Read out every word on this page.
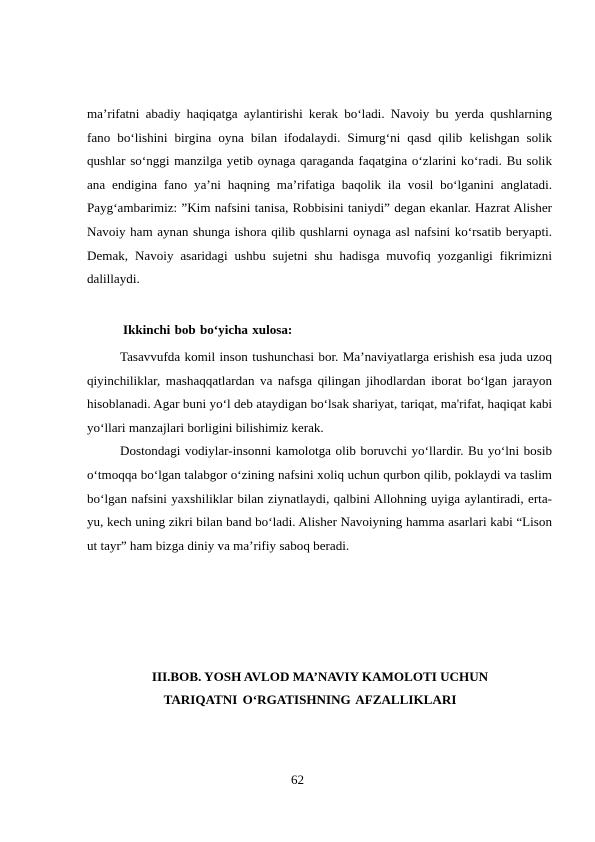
ma’rifatni abadiy haqiqatga aylantirishi kerak bo‘ladi. Navoiy bu yerda qushlarning fano bo‘lishini birgina oyna bilan ifodalaydi. Simurg‘ni qasd qilib kelishgan solik qushlar so‘nggi manzilga yetib oynaga qaraganda faqatgina o‘zlarini ko‘radi. Bu solik ana endigina fano ya’ni haqning ma’rifatiga baqolik ila vosil bo‘lganini anglatadi. Payg‘ambarimiz: ”Kim nafsini tanisa, Robbisini taniydi” degan ekanlar. Hazrat Alisher Navoiy ham aynan shunga ishora qilib qushlarni oynaga asl nafsini ko‘rsatib beryapti. Demak, Navoiy asaridagi ushbu sujetni shu hadisga muvofiq yozganligi fikrimizni dalillaydi.

Ikkinchi bob bo‘yicha xulosa:

Tasavvufda komil inson tushunchasi bor. Ma’naviyatlarga erishish esa juda uzoq qiyinchiliklar, mashaqqatlardan va nafsga qilingan jihodlardan iborat bo‘lgan jarayon hisoblanadi. Agar buni yo‘l deb ataydigan bo‘lsak shariyat, tariqat, ma'rifat, haqiqat kabi yo‘llari manzajlari borligini bilishimiz kerak.

Dostondagi vodiylar-insonni kamolotga olib boruvchi yo‘llardir. Bu yo‘lni bosib o‘tmoqqa bo‘lgan talabgor o‘zining nafsini xoliq uchun qurbon qilib, poklaydi va taslim bo‘lgan nafsini yaxshiliklar bilan ziynatlaydi, qalbini Allohning uyiga aylantiradi, erta-yu, kech uning zikri bilan band bo‘ladi. Alisher Navoiyning hamma asarlari kabi “Lison ut tayr” ham bizga diniy va ma’rifiy saboq beradi.

III.BOB. YOSH AVLOD MA’NAVIY KAMOLOTI UCHUN
TARIQATNI O‘RGATISHNING AFZALLIKLARI
62
